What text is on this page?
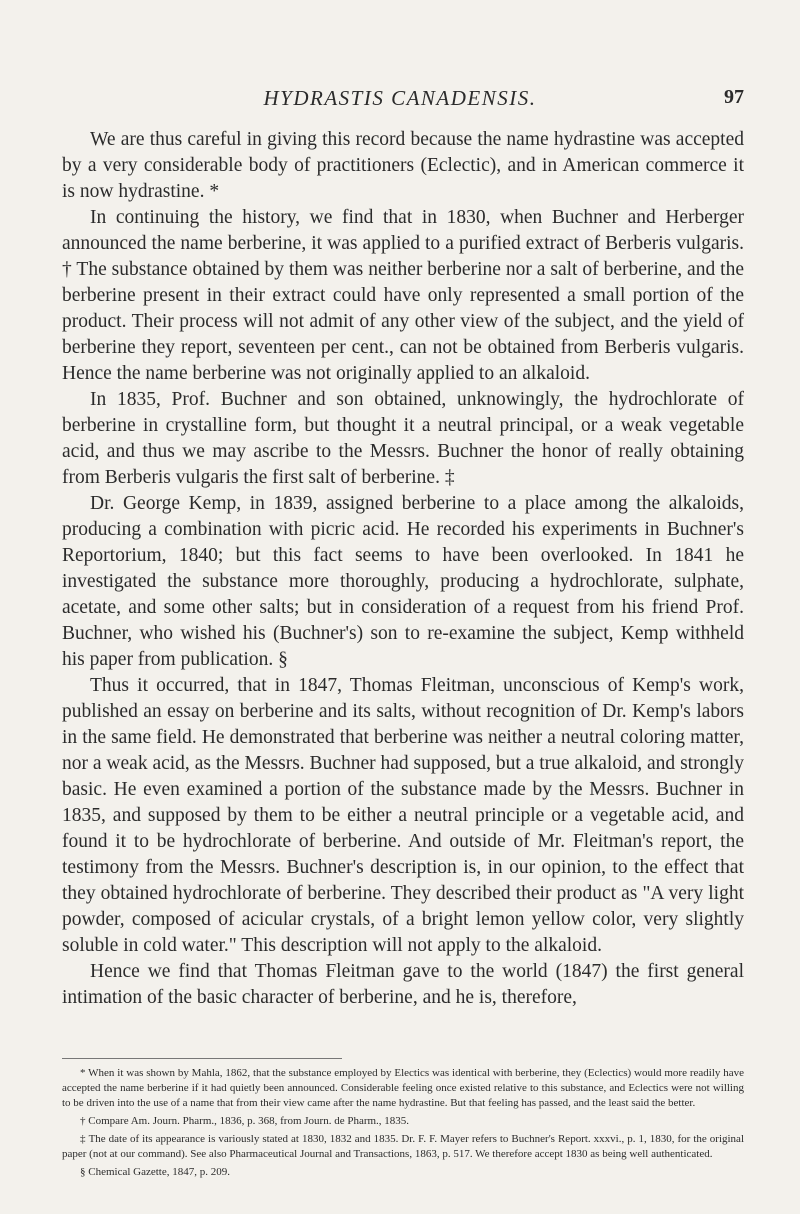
HYDRASTIS CANADENSIS.	97

We are thus careful in giving this record because the name hydrastine was accepted by a very considerable body of practitioners (Eclectic), and in American commerce it is now hydrastine. *

In continuing the history, we find that in 1830, when Buchner and Herberger announced the name berberine, it was applied to a purified extract of Berberis vulgaris. † The substance obtained by them was neither berberine nor a salt of berberine, and the berberine present in their extract could have only represented a small portion of the product. Their process will not admit of any other view of the subject, and the yield of berberine they report, seventeen per cent., can not be obtained from Berberis vulgaris. Hence the name berberine was not originally applied to an alkaloid.

In 1835, Prof. Buchner and son obtained, unknowingly, the hydrochlorate of berberine in crystalline form, but thought it a neutral principal, or a weak vegetable acid, and thus we may ascribe to the Messrs. Buchner the honor of really obtaining from Berberis vulgaris the first salt of berberine. ‡

Dr. George Kemp, in 1839, assigned berberine to a place among the alkaloids, producing a combination with picric acid. He recorded his experiments in Buchner's Reportorium, 1840; but this fact seems to have been overlooked. In 1841 he investigated the substance more thoroughly, producing a hydrochlorate, sulphate, acetate, and some other salts; but in consideration of a request from his friend Prof. Buchner, who wished his (Buchner's) son to re-examine the subject, Kemp withheld his paper from publication. §

Thus it occurred, that in 1847, Thomas Fleitman, unconscious of Kemp's work, published an essay on berberine and its salts, without recognition of Dr. Kemp's labors in the same field. He demonstrated that berberine was neither a neutral coloring matter, nor a weak acid, as the Messrs. Buchner had supposed, but a true alkaloid, and strongly basic. He even examined a portion of the substance made by the Messrs. Buchner in 1835, and supposed by them to be either a neutral principle or a vegetable acid, and found it to be hydrochlorate of berberine. And outside of Mr. Fleitman's report, the testimony from the Messrs. Buchner's description is, in our opinion, to the effect that they obtained hydrochlorate of berberine. They described their product as "A very light powder, composed of acicular crystals, of a bright lemon yellow color, very slightly soluble in cold water." This description will not apply to the alkaloid.

Hence we find that Thomas Fleitman gave to the world (1847) the first general intimation of the basic character of berberine, and he is, therefore,

* When it was shown by Mahla, 1862, that the substance employed by Electics was identical with berberine, they (Eclectics) would more readily have accepted the name berberine if it had quietly been announced. Considerable feeling once existed relative to this substance, and Eclectics were not willing to be driven into the use of a name that from their view came after the name hydrastine. But that feeling has passed, and the least said the better.

† Compare Am. Journ. Pharm., 1836, p. 368, from Journ. de Pharm., 1835.

‡ The date of its appearance is variously stated at 1830, 1832 and 1835. Dr. F. F. Mayer refers to Buchner's Report. xxxvi., p. 1, 1830, for the original paper (not at our command). See also Pharmaceutical Journal and Transactions, 1863, p. 517. We therefore accept 1830 as being well authenticated.

§ Chemical Gazette, 1847, p. 209.
